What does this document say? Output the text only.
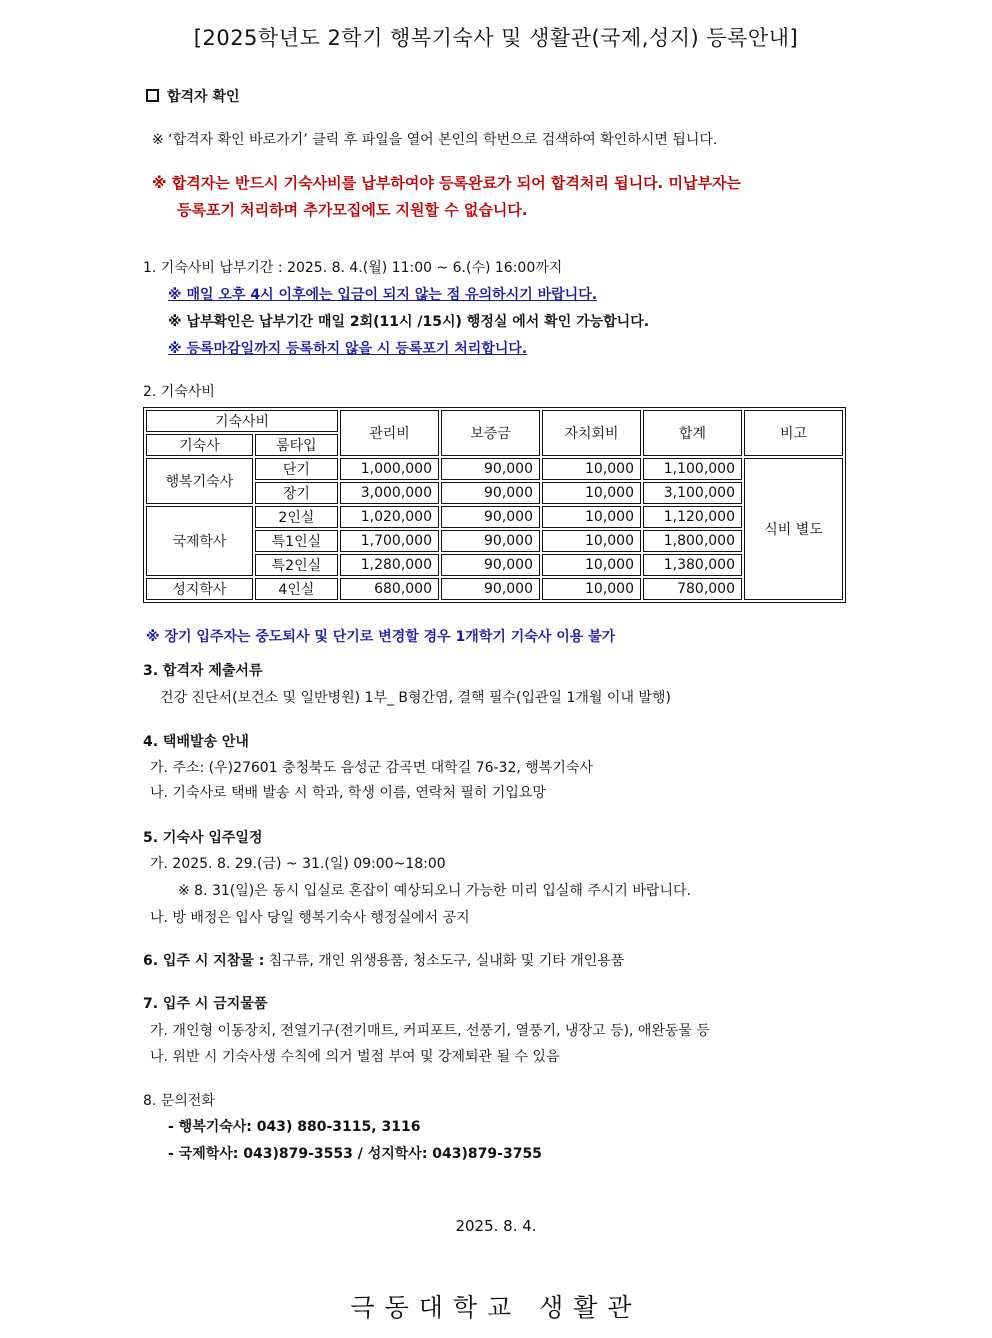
[2025학년도 2학기 행복기숙사 및 생활관(국제,성지) 등록안내]
합격자 확인
※ ‘합격자 확인 바로가기’ 클릭 후 파일을 열어 본인의 학번으로 검색하여 확인하시면 됩니다.
※ 합격자는 반드시 기숙사비를 납부하여야 등록완료가 되어 합격처리 됩니다. 미납부자는
등록포기 처리하며 추가모집에도 지원할 수 없습니다.
1. 기숙사비 납부기간 : 2025. 8. 4.(월) 11:00 ~ 6.(수) 16:00까지
※ 매일 오후 4시 이후에는 입금이 되지 않는 점 유의하시기 바랍니다.
※ 납부확인은 납부기간 매일 2회(11시 /15시) 행정실 에서 확인 가능합니다.
※ 등록마감일까지 등록하지 않을 시 등록포기 처리합니다.
2. 기숙사비
기숙사비		관리비	보증금	자치회비	합계	비고
기숙사	룸타입					
행복기숙사	단기	1,000,000	90,000	10,000	1,100,000	식비 별도
	장기	3,000,000	90,000	10,000	3,100,000	
국제학사	2인실	1,020,000	90,000	10,000	1,120,000	
	특1인실	1,700,000	90,000	10,000	1,800,000	
	특2인실	1,280,000	90,000	10,000	1,380,000	
성지학사	4인실	680,000	90,000	10,000	780,000	
※ 장기 입주자는 중도퇴사 및 단기로 변경할 경우 1개학기 기숙사 이용 불가
3. 합격자 제출서류
건강 진단서(보건소 및 일반병원) 1부_ B형간염, 결핵 필수(입관일 1개월 이내 발행)
4. 택배발송 안내
가. 주소: (우)27601 충청북도 음성군 감곡면 대학길 76-32, 행복기숙사
나. 기숙사로 택배 발송 시 학과, 학생 이름, 연락처 필히 기입요망
5. 기숙사 입주일정
가. 2025. 8. 29.(금) ~ 31.(일) 09:00~18:00
※ 8. 31(일)은 동시 입실로 혼잡이 예상되오니 가능한 미리 입실해 주시기 바랍니다.
나. 방 배정은 입사 당일 행복기숙사 행정실에서 공지
6. 입주 시 지참물 : 침구류, 개인 위생용품, 청소도구, 실내화 및 기타 개인용품
7. 입주 시 금지물품
가. 개인형 이동장치, 전열기구(전기매트, 커피포트, 선풍기, 열풍기, 냉장고 등), 애완동물 등
나. 위반 시 기숙사생 수칙에 의거 벌점 부여 및 강제퇴관 될 수 있음
8. 문의전화
- 행복기숙사: 043) 880-3115, 3116
- 국제학사: 043)879-3553 / 성지학사: 043)879-3755
2025. 8. 4.
극동대학교 생활관
